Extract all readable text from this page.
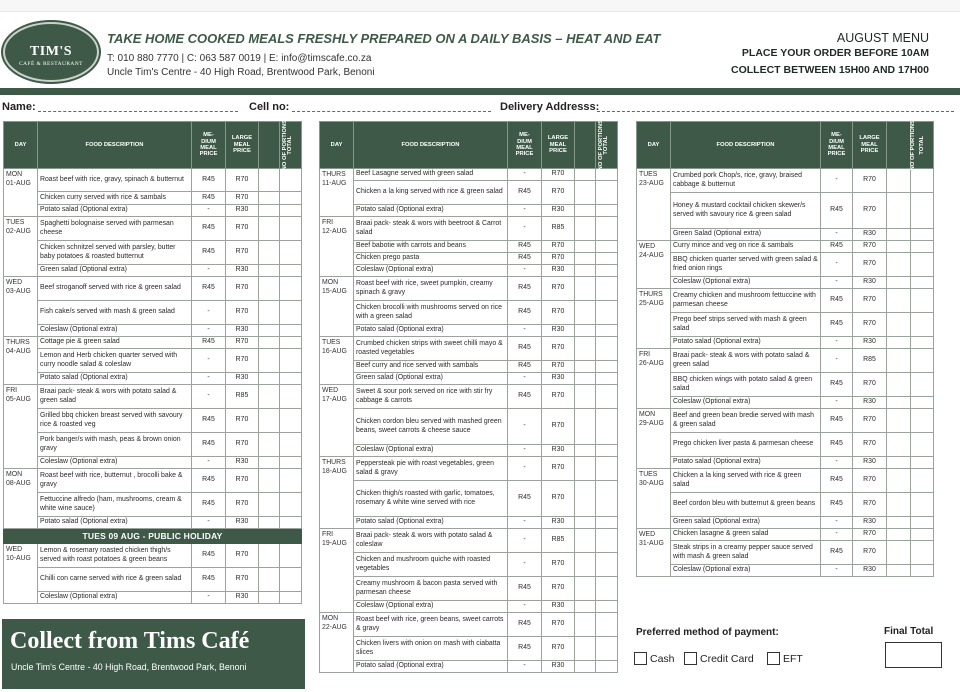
TIM'S
CAFÉ & RESTAURANT
TAKE HOME COOKED MEALS FRESHLY PREPARED ON A DAILY BASIS – HEAT AND EAT
T: 010 880 7770 | C: 063 587 0019 | E: info@timscafe.co.za
Uncle Tim's Centre - 40 High Road, Brentwood Park, Benoni
AUGUST MENU
PLACE YOUR ORDER BEFORE 10AM
COLLECT BETWEEN 15H00 AND 17H00
Name:	Cell no:	Delivery Addresss:
DAY	FOOD DESCRIPTION	ME-
DIUM
MEAL
PRICE	LARGE
MEAL
PRICE	NO OF PORTIONS	TOTAL
MON
01-AUG	Roast beef with rice, gravy, spinach & butternut	R45	R70		
	Chicken curry served with rice & sambals	R45	R70		
	Potato salad (Optional extra)	-	R30		
TUES
02-AUG	Spaghetti bolognaise served with parmesan cheese	R45	R70		
	Chicken schnitzel served with parsley, butter baby potatoes & roasted butternut	R45	R70		
	Green salad (Optional extra)	-	R30		
WED
03-AUG	Beef stroganoff served with rice & green salad	R45	R70		
	Fish cake/s served with mash & green salad	-	R70		
	Coleslaw (Optional extra)	-	R30		
THURS
04-AUG	Cottage pie & green salad	R45	R70		
	Lemon and Herb chicken quarter served with curry noodle salad & coleslaw	-	R70		
	Potato salad (Optional extra)	-	R30		
FRI
05-AUG	Braai pack- steak & wors with potato salad & green salad	-	R85		
	Grilled bbq chicken breast served with savoury rice & roasted veg	R45	R70		
	Pork banger/s with mash, peas & brown onion gravy	R45	R70		
	Coleslaw (Optional extra)	-	R30		
MON
08-AUG	Roast beef with rice, butternut , brocolli bake & gravy	R45	R70		
	Fettuccine alfredo (ham, mushrooms, cream & white wine sauce)	R45	R70		
	Potato salad (Optional extra)	-	R30		
TUES 09 AUG - PUBLIC HOLIDAY					
WED
10-AUG	Lemon & rosemary roasted chicken thigh/s served with roast potatoes & green beans	R45	R70		
	Chilli con carne served with rice & green salad	R45	R70		
	Coleslaw (Optional extra)	-	R30		
DAY	FOOD DESCRIPTION	ME-
DIUM
MEAL
PRICE	LARGE
MEAL
PRICE	NO OF PORTIONS	TOTAL
THURS
11-AUG	Beef Lasagne served with green salad	-	R70		
	Chicken a la king served with rice & green salad	R45	R70		
	Potato salad (Optional extra)	-	R30		
FRI
12-AUG	Braai pack- steak & wors with beetroot & Carrot salad	-	R85		
	Beef babotie with carrots and beans	R45	R70		
	Chicken prego pasta	R45	R70		
	Coleslaw (Optional extra)	-	R30		
MON
15-AUG	Roast beef with rice, sweet pumpkin, creamy spinach & gravy	R45	R70		
	Chicken brocolli with mushrooms served on rice with a green salad	R45	R70		
	Potato salad (Optional extra)	-	R30		
TUES
16-AUG	Crumbed chicken strips with sweet chilli mayo & roasted vegetables	R45	R70		
	Beef curry and rice served with sambals	R45	R70		
	Green salad (Optional extra)	-	R30		
WED
17-AUG	Sweet & sour pork served on rice with stir fry cabbage & carrots	R45	R70		
	Chicken cordon bleu served with mashed green beans, sweet carrots & cheese sauce	-	R70		
	Coleslaw (Optional extra)	-	R30		
THURS
18-AUG	Peppersteak pie with roast vegetables, green salad & gravy	-	R70		
	Chicken thigh/s roasted with garlic, tomatoes, rosemary & white wine served with rice	R45	R70		
	Potato salad (Optional extra)	-	R30		
FRI
19-AUG	Braai pack- steak & wors with potato salad & coleslaw	-	R85		
	Chicken and mushroom quiche with roasted vegetables	-	R70		
	Creamy mushroom & bacon pasta served with parmesan cheese	R45	R70		
	Coleslaw (Optional extra)	-	R30		
MON
22-AUG	Roast beef with rice, green beans, sweet carrots & gravy	R45	R70		
	Chicken livers with onion on mash with ciabatta slices	R45	R70		
	Potato salad (Optional extra)	-	R30		
DAY	FOOD DESCRIPTION	ME-
DIUM
MEAL
PRICE	LARGE
MEAL
PRICE	NO OF PORTIONS	TOTAL
TUES
23-AUG	Crumbed pork Chop/s, rice, gravy, braised cabbage & butternut	-	R70		
	Honey & mustard cocktail chicken skewer/s served with savoury rice & green salad	R45	R70		
	Green Salad (Optional extra)	-	R30		
WED
24-AUG	Curry mince and veg on rice & sambals	R45	R70		
	BBQ chicken quarter served with green salad & fried onion rings	-	R70		
	Coleslaw (Optional extra)	-	R30		
THURS
25-AUG	Creamy chicken and mushroom fettuccine with parmesan cheese	R45	R70		
	Prego beef strips served with mash & green salad	R45	R70		
	Potato salad (Optional extra)	-	R30		
FRI
26-AUG	Braai pack- steak & wors with potato salad & green salad	-	R85		
	BBQ chicken wings with potato salad & green salad	R45	R70		
	Coleslaw (Optional extra)	-	R30		
MON
29-AUG	Beef and green bean bredie served with mash & green salad	R45	R70		
	Prego chicken liver pasta & parmesan cheese	R45	R70		
	Potato salad (Optional extra)	-	R30		
TUES
30-AUG	Chicken a la king served with rice & green salad	R45	R70		
	Beef cordon bleu with butternut & green beans	R45	R70		
	Green salad (Optional extra)	-	R30		
WED
31-AUG	Chicken lasagne & green salad	-	R70		
	Steak strips in a creamy pepper sauce served with mash & green salad	R45	R70		
	Coleslaw (Optional extra)	-	R30		
Collect from Tims Café
Uncle Tim's Centre - 40 High Road, Brentwood Park, Benoni
Preferred method of payment:	Final Total
Cash Credit Card	EFT
